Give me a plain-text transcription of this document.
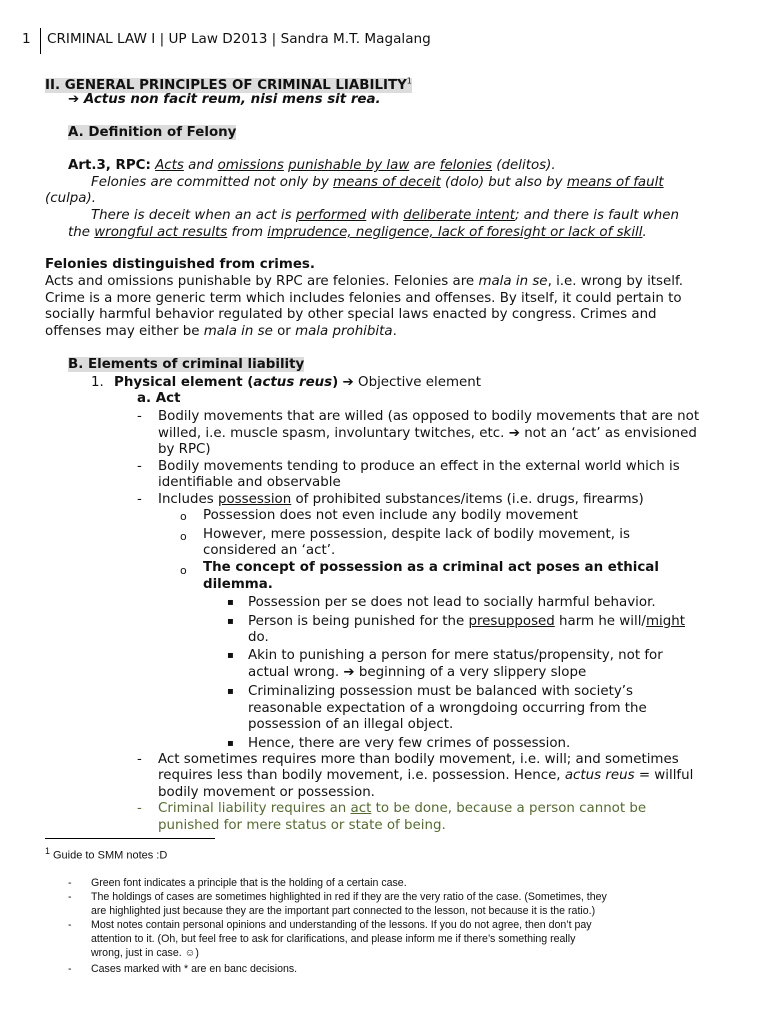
1	CRIMINAL LAW I | UP Law D2013 | Sandra M.T. Magalang
II. GENERAL PRINCIPLES OF CRIMINAL LIABILITY$^1$
➔ Actus non facit reum, nisi mens sit rea.
A. Definition of Felony
Art.3, RPC: Acts and omissions punishable by law are felonies (delitos).
Felonies are committed not only by means of deceit (dolo) but also by means of fault
(culpa).
There is deceit when an act is performed with deliberate intent; and there is fault when
the wrongful act results from imprudence, negligence, lack of foresight or lack of skill.
Felonies distinguished from crimes.
Acts and omissions punishable by RPC are felonies. Felonies are mala in se, i.e. wrong by itself.
Crime is a more generic term which includes felonies and offenses. By itself, it could pertain to
socially harmful behavior regulated by other special laws enacted by congress. Crimes and
offenses may either be mala in se or mala prohibita.
B. Elements of criminal liability
1. Physical element (actus reus) ➔ Objective element
a. Act
- Bodily movements that are willed (as opposed to bodily movements that are not
willed, i.e. muscle spasm, involuntary twitches, etc. ➔ not an ‘act’ as envisioned
by RPC)
- Bodily movements tending to produce an effect in the external world which is
identifiable and observable
- Includes possession of prohibited substances/items (i.e. drugs, firearms)
o Possession does not even include any bodily movement
o However, mere possession, despite lack of bodily movement, is
considered an ‘act’.
o The concept of possession as a criminal act poses an ethical
dilemma.
▪ Possession per se does not lead to socially harmful behavior.
▪ Person is being punished for the presupposed harm he will/might
do.
▪ Akin to punishing a person for mere status/propensity, not for
actual wrong. ➔ beginning of a very slippery slope
▪ Criminalizing possession must be balanced with society’s
reasonable expectation of a wrongdoing occurring from the
possession of an illegal object.
▪ Hence, there are very few crimes of possession.
- Act sometimes requires more than bodily movement, i.e. will; and sometimes
requires less than bodily movement, i.e. possession. Hence, actus reus = willful
bodily movement or possession.
- Criminal liability requires an act to be done, because a person cannot be
punished for mere status or state of being.
$^1$ Guide to SMM notes :D
- Green font indicates a principle that is the holding of a certain case.
- The holdings of cases are sometimes highlighted in red if they are the very ratio of the case. (Sometimes, they
are highlighted just because they are the important part connected to the lesson, not because it is the ratio.)
- Most notes contain personal opinions and understanding of the lessons. If you do not agree, then don’t pay
attention to it. (Oh, but feel free to ask for clarifications, and please inform me if there’s something really
wrong, just in case. ☺)
- Cases marked with * are en banc decisions.
